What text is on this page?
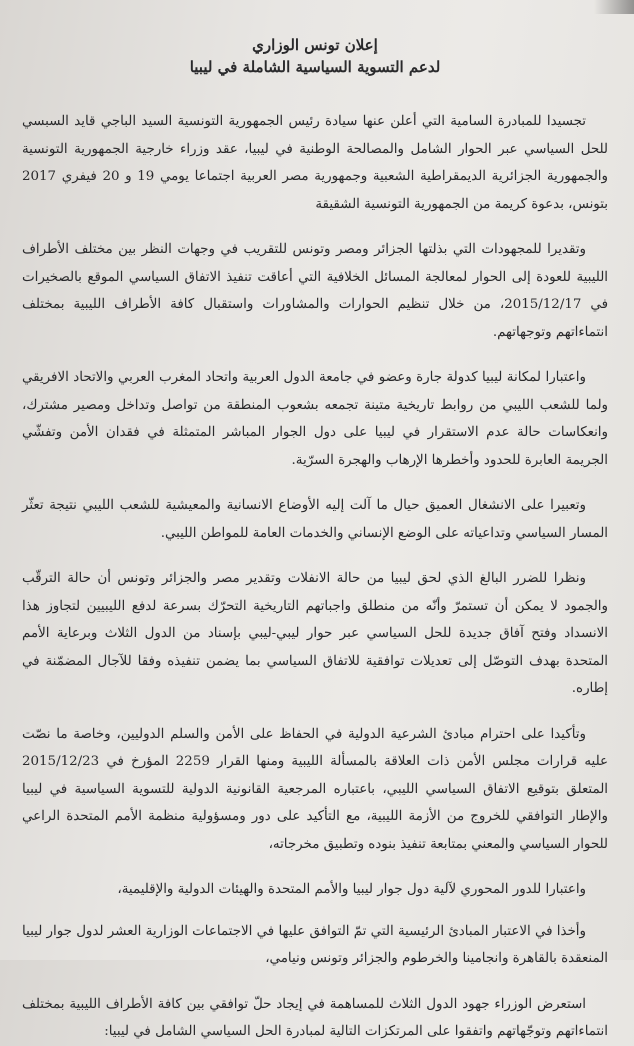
إعلان تونس الوزاري
لدعم التسوية السياسية الشاملة في ليبيا

تجسيدا للمبادرة السامية التي أعلن عنها سيادة رئيس الجمهورية التونسية السيد الباجي قايد السبسي للحل السياسي عبر الحوار الشامل والمصالحة الوطنية في ليبيا، عقد وزراء خارجية الجمهورية التونسية والجمهورية الجزائرية الديمقراطية الشعبية وجمهورية مصر العربية اجتماعا يومي 19 و 20 فيفري 2017 بتونس، بدعوة كريمة من الجمهورية التونسية الشقيقة

وتقديرا للمجهودات التي بذلتها الجزائر ومصر وتونس للتقريب في وجهات النظر بين مختلف الأطراف الليبية للعودة إلى الحوار لمعالجة المسائل الخلافية التي أعاقت تنفيذ الاتفاق السياسي الموقع بالصخيرات في 2015/12/17، من خلال تنظيم الحوارات والمشاورات واستقبال كافة الأطراف الليبية بمختلف انتماءاتهم وتوجهاتهم.

واعتبارا لمكانة ليبيا كدولة جارة وعضو في جامعة الدول العربية واتحاد المغرب العربي والاتحاد الافريقي ولما للشعب الليبي من روابط تاريخية متينة تجمعه بشعوب المنطقة من تواصل وتداخل ومصير مشترك، وانعكاسات حالة عدم الاستقرار في ليبيا على دول الجوار المباشر المتمثلة في فقدان الأمن وتفشّي الجريمة العابرة للحدود وأخطرها الإرهاب والهجرة السرّية.

وتعبيرا على الانشغال العميق حيال ما آلت إليه الأوضاع الانسانية والمعيشية للشعب الليبي نتيجة تعثّر المسار السياسي وتداعياته على الوضع الإنساني والخدمات العامة للمواطن الليبي.

ونظرا للضرر البالغ الذي لحق ليبيا من حالة الانفلات وتقدير مصر والجزائر وتونس أن حالة الترقّب والجمود لا يمكن أن تستمرّ وأنّه من منطلق واجباتهم التاريخية التحرّك بسرعة لدفع الليبيين لتجاوز هذا الانسداد وفتح آفاق جديدة للحل السياسي عبر حوار ليبي-ليبي بإسناد من الدول الثلاث وبرعاية الأمم المتحدة بهدف التوصّل إلى تعديلات توافقية للاتفاق السياسي بما يضمن تنفيذه وفقا للآجال المضمّنة في إطاره.

وتأكيدا على احترام مبادئ الشرعية الدولية في الحفاظ على الأمن والسلم الدوليين، وخاصة ما نصّت عليه قرارات مجلس الأمن ذات العلاقة بالمسألة الليبية ومنها القرار 2259 المؤرخ في 2015/12/23 المتعلق بتوقيع الاتفاق السياسي الليبي، باعتباره المرجعية القانونية الدولية للتسوية السياسية في ليبيا والإطار التوافقي للخروج من الأزمة الليبية، مع التأكيد على دور ومسؤولية منظمة الأمم المتحدة الراعي للحوار السياسي والمعني بمتابعة تنفيذ بنوده وتطبيق مخرجاته،

واعتبارا للدور المحوري لآلية دول جوار ليبيا والأمم المتحدة والهيئات الدولية والإقليمية،

وأخذا في الاعتبار المبادئ الرئيسية التي تمّ التوافق عليها في الاجتماعات الوزارية العشر لدول جوار ليبيا المنعقدة بالقاهرة وانجامينا والخرطوم والجزائر وتونس ونيامي،

استعرض الوزراء جهود الدول الثلاث للمساهمة في إيجاد حلّ توافقي بين كافة الأطراف الليبية بمختلف انتماءاتهم وتوجّهاتهم واتفقوا على المرتكزات التالية لمبادرة الحل السياسي الشامل في ليبيا:
